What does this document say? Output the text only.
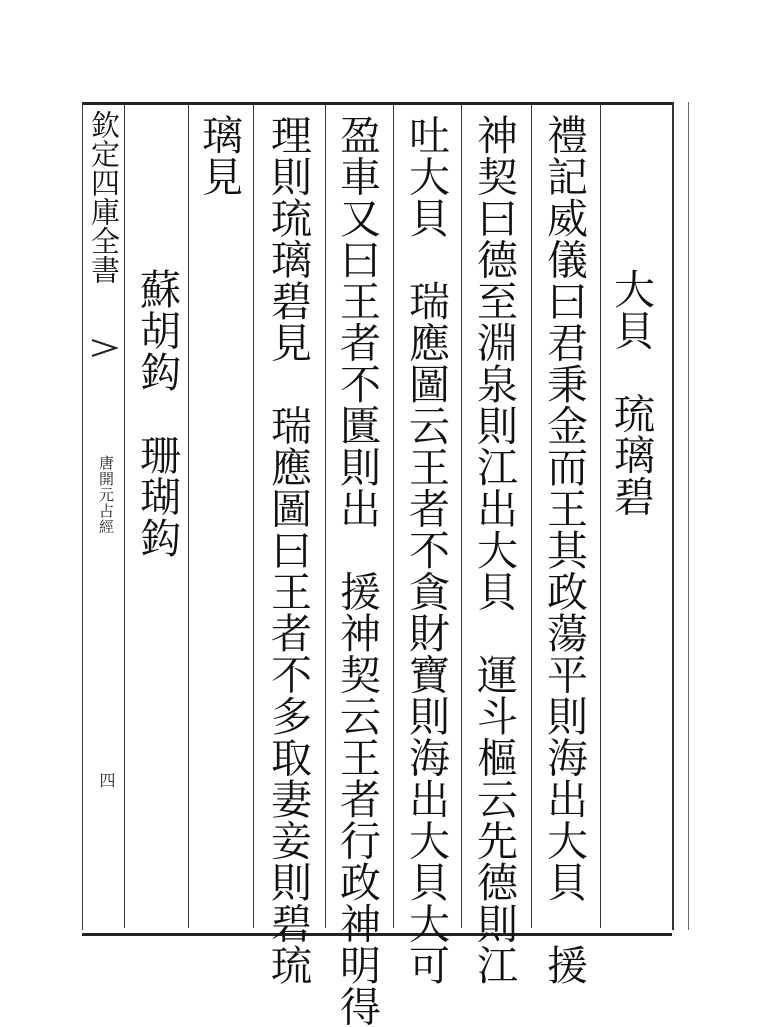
欽定四庫全書
唐開元占經
四
大貝　琉璃碧
禮記威儀曰君秉金而王其政蕩平則海出大貝　援
神契曰德至淵泉則江出大貝　運斗樞云先德則江
吐大貝　瑞應圖云王者不貪財寶則海出大貝大可
盈車又曰王者不匱則出　援神契云王者行政神明得
理則琉璃碧見　瑞應圖曰王者不多取妻妾則碧琉
璃見
蘇胡鈎　珊瑚鈎
